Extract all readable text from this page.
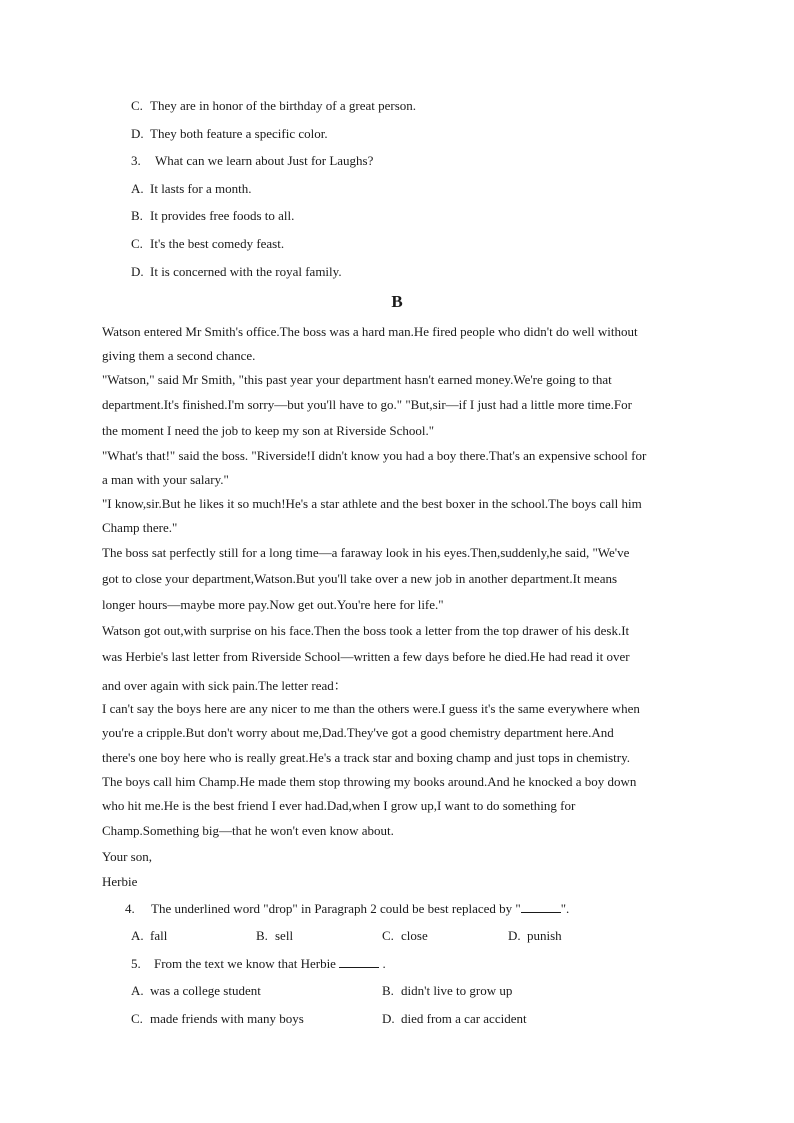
C. They are in honor of the birthday of a great person.
D. They both feature a specific color.
3. What can we learn about Just for Laughs?
A. It lasts for a month.
B. It provides free foods to all.
C. It's the best comedy feast.
D. It is concerned with the royal family.
B
Watson entered Mr Smith's office.The boss was a hard man.He fired people who didn't do well without
giving them a second chance.
"Watson," said Mr Smith, "this past year your department hasn't earned money.We're going to that
department.It's finished.I'm sorry—but you'll have to go." "But,sir—if I just had a little more time.For
the moment I need the job to keep my son at Riverside School."
"What's that!" said the boss. "Riverside!I didn't know you had a boy there.That's an expensive school for
a man with your salary."
"I know,sir.But he likes it so much!He's a star athlete and the best boxer in the school.The boys call him
Champ there."
The boss sat perfectly still for a long time—a faraway look in his eyes.Then,suddenly,he said, "We've
got to close your department,Watson.But you'll take over a new job in another department.It means
longer hours—maybe more pay.Now get out.You're here for life."
Watson got out,with surprise on his face.Then the boss took a letter from the top drawer of his desk.It
was Herbie's last letter from Riverside School—written a few days before he died.He had read it over
and over again with sick pain.The letter read：
I can't say the boys here are any nicer to me than the others were.I guess it's the same everywhere when
you're a cripple.But don't worry about me,Dad.They've got a good chemistry department here.And
there's one boy here who is really great.He's a track star and boxing champ and just tops in chemistry.
The boys call him Champ.He made them stop throwing my books around.And he knocked a boy down
who hit me.He is the best friend I ever had.Dad,when I grow up,I want to do something for
Champ.Something big—that he won't even know about.
Your son,
Herbie
4. The underlined word "drop" in Paragraph 2 could be best replaced by "	".
A. fall	B. sell	C. close	D. punish
5. From the text we know that Herbie	.
A. was a college student	B. didn't live to grow up
C. made friends with many boys	D. died from a car accident
